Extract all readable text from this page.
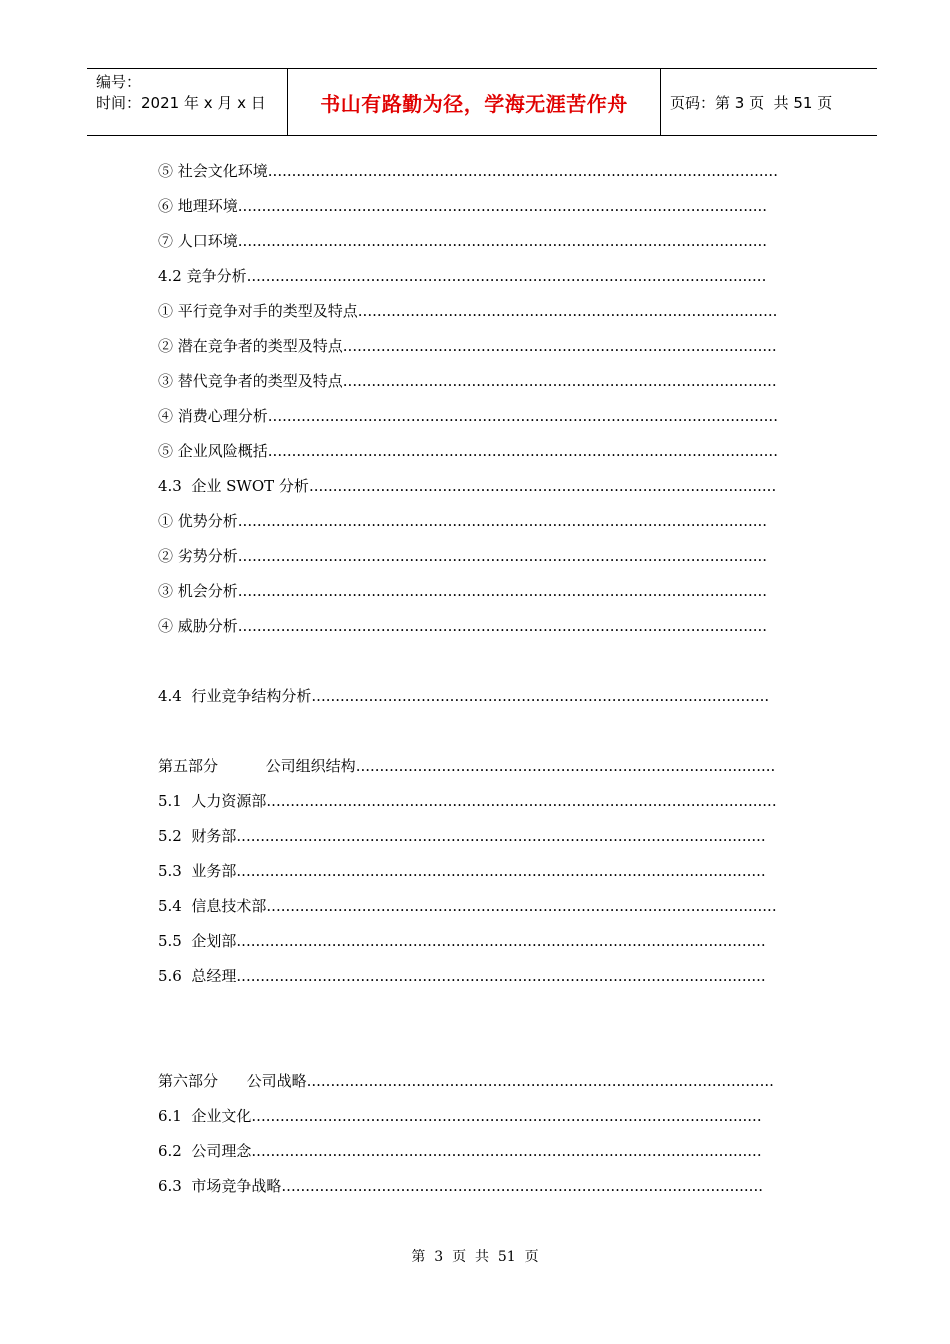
编号：
时间：2021 年 x 月 x 日	书山有路勤为径，学海无涯苦作舟	页码：第 3 页  共 51 页
⑤ 社会文化环境...........................................................................................................
⑥ 地理环境...............................................................................................................
⑦ 人口环境...............................................................................................................
4.2 竞争分析.............................................................................................................
① 平行竞争对手的类型及特点........................................................................................
② 潜在竞争者的类型及特点...........................................................................................
③ 替代竞争者的类型及特点...........................................................................................
④ 消费心理分析...........................................................................................................
⑤ 企业风险概括...........................................................................................................
4.3  企业 SWOT 分析..................................................................................................
① 优势分析...............................................................................................................
② 劣势分析...............................................................................................................
③ 机会分析...............................................................................................................
④ 威胁分析...............................................................................................................
4.4  行业竞争结构分析................................................................................................
第五部分          公司组织结构........................................................................................
5.1  人力资源部...........................................................................................................
5.2  财务部...............................................................................................................
5.3  业务部...............................................................................................................
5.4  信息技术部...........................................................................................................
5.5  企划部...............................................................................................................
5.6  总经理...............................................................................................................
第六部分      公司战略..................................................................................................
6.1  企业文化...........................................................................................................
6.2  公司理念...........................................................................................................
6.3  市场竞争战略.....................................................................................................
第  3  页  共  51  页
